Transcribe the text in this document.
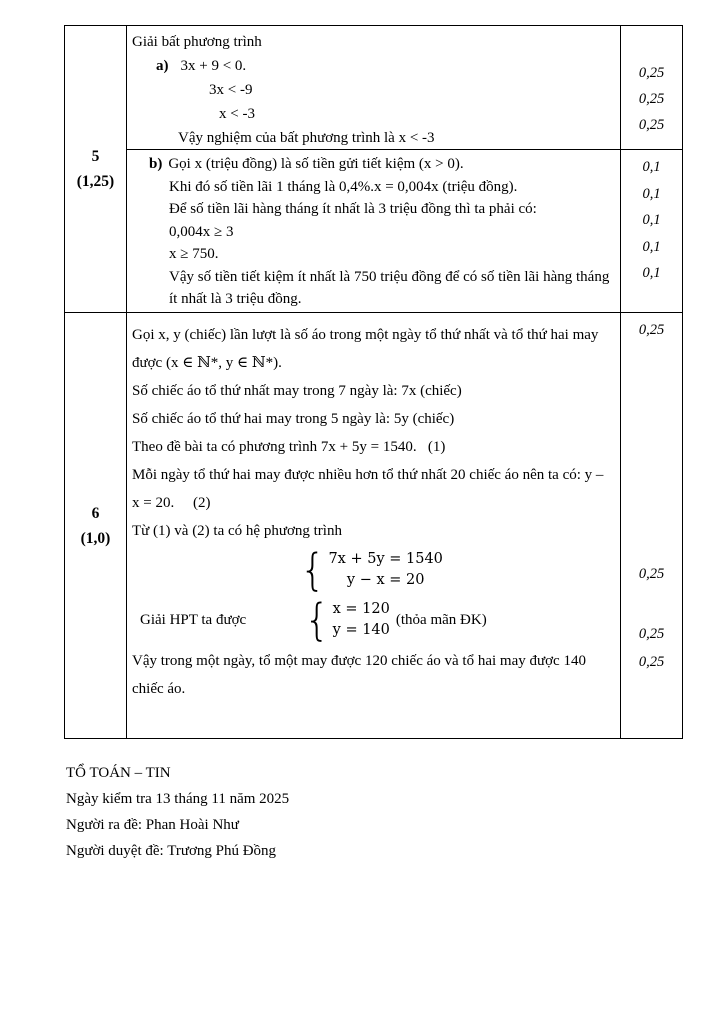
5
(1,25)
Giải bất phương trình
a) 3x + 9 < 0.
3x < -9
x < -3
Vậy nghiệm của bất phương trình là x < -3
0,25
0,25
0,25
b) Gọi x (triệu đồng) là số tiền gửi tiết kiệm (x > 0).
Khi đó số tiền lãi 1 tháng là 0,4%.x = 0,004x (triệu đồng).
Để số tiền lãi hàng tháng ít nhất là 3 triệu đồng thì ta phải có:
0,004x ≥ 3
x ≥ 750.
Vậy số tiền tiết kiệm ít nhất là 750 triệu đồng để có số tiền lãi hàng tháng ít nhất là 3 triệu đồng.
0,1
0,1
0,1
0,1
0,1
6
(1,0)

Gọi x, y (chiếc) lần lượt là số áo trong một ngày tổ thứ nhất và tổ thứ hai may được (x ∈ ℕ*, y ∈ ℕ*).

Số chiếc áo tổ thứ nhất may trong 7 ngày là: 7x (chiếc)

Số chiếc áo tổ thứ hai may trong 5 ngày là: 5y (chiếc)

Theo đề bài ta có phương trình 7x + 5y = 1540.  (1)

Mỗi ngày tổ thứ hai may được nhiều hơn tổ thứ nhất 20 chiếc áo nên ta có: y – x = 20.   (2)

Từ (1) và (2) ta có hệ phương trình

{ 7x + 5y = 1540
y − x = 20
Giải HPT ta được { x = 120
y = 140
(thỏa mãn ĐK)

Vậy trong một ngày, tổ một may được 120 chiếc áo và tổ hai may được 140 chiếc áo.

0,25
0,25
0,25
0,25
TỔ TOÁN – TIN
Ngày kiểm tra 13 tháng 11 năm 2025
Người ra đề: Phan Hoài Như
Người duyệt đề: Trương Phú Đồng
